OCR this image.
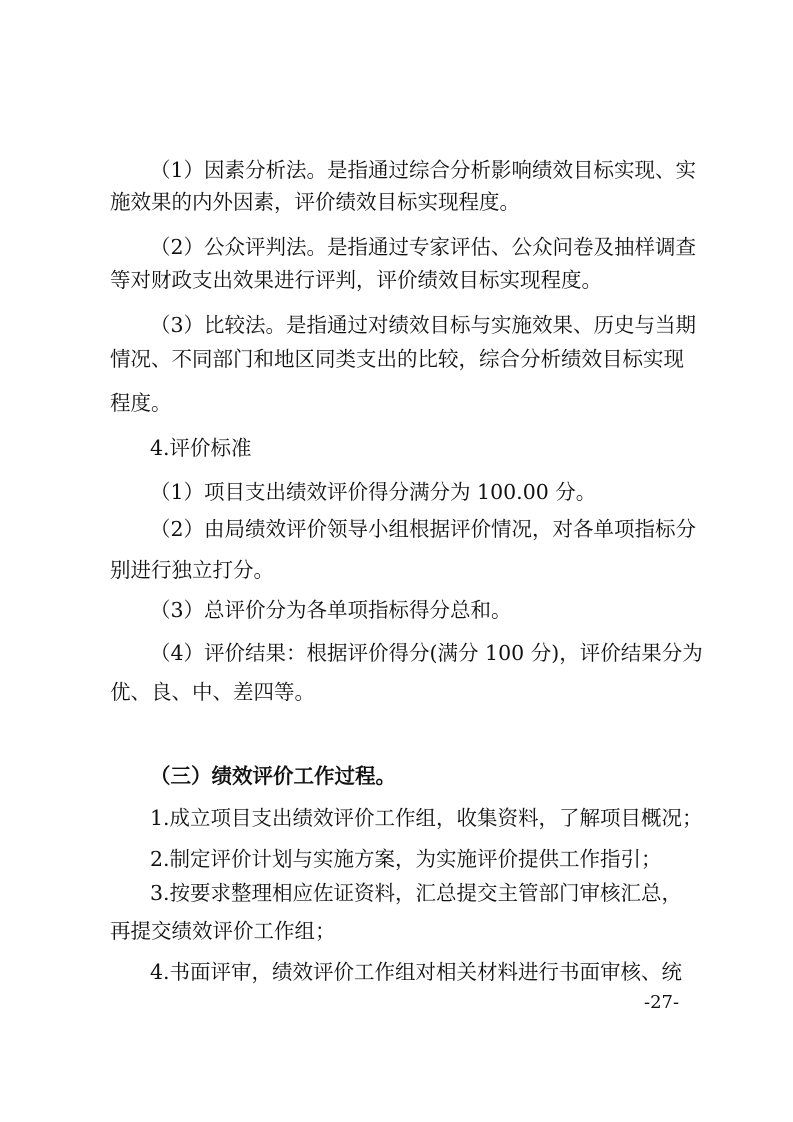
（1）因素分析法。是指通过综合分析影响绩效目标实现、实
施效果的内外因素，评价绩效目标实现程度。
（2）公众评判法。是指通过专家评估、公众问卷及抽样调查
等对财政支出效果进行评判，评价绩效目标实现程度。
（3）比较法。是指通过对绩效目标与实施效果、历史与当期
情况、不同部门和地区同类支出的比较，综合分析绩效目标实现
程度。
4.评价标准
（1）项目支出绩效评价得分满分为 100.00 分。
（2）由局绩效评价领导小组根据评价情况，对各单项指标分
别进行独立打分。
（3）总评价分为各单项指标得分总和。
（4）评价结果：根据评价得分(满分 100 分)，评价结果分为
优、良、中、差四等。
（三）绩效评价工作过程。
1.成立项目支出绩效评价工作组，收集资料，了解项目概况；
2.制定评价计划与实施方案，为实施评价提供工作指引；
3.按要求整理相应佐证资料，汇总提交主管部门审核汇总，
再提交绩效评价工作组；
4.书面评审，绩效评价工作组对相关材料进行书面审核、统
-27-
